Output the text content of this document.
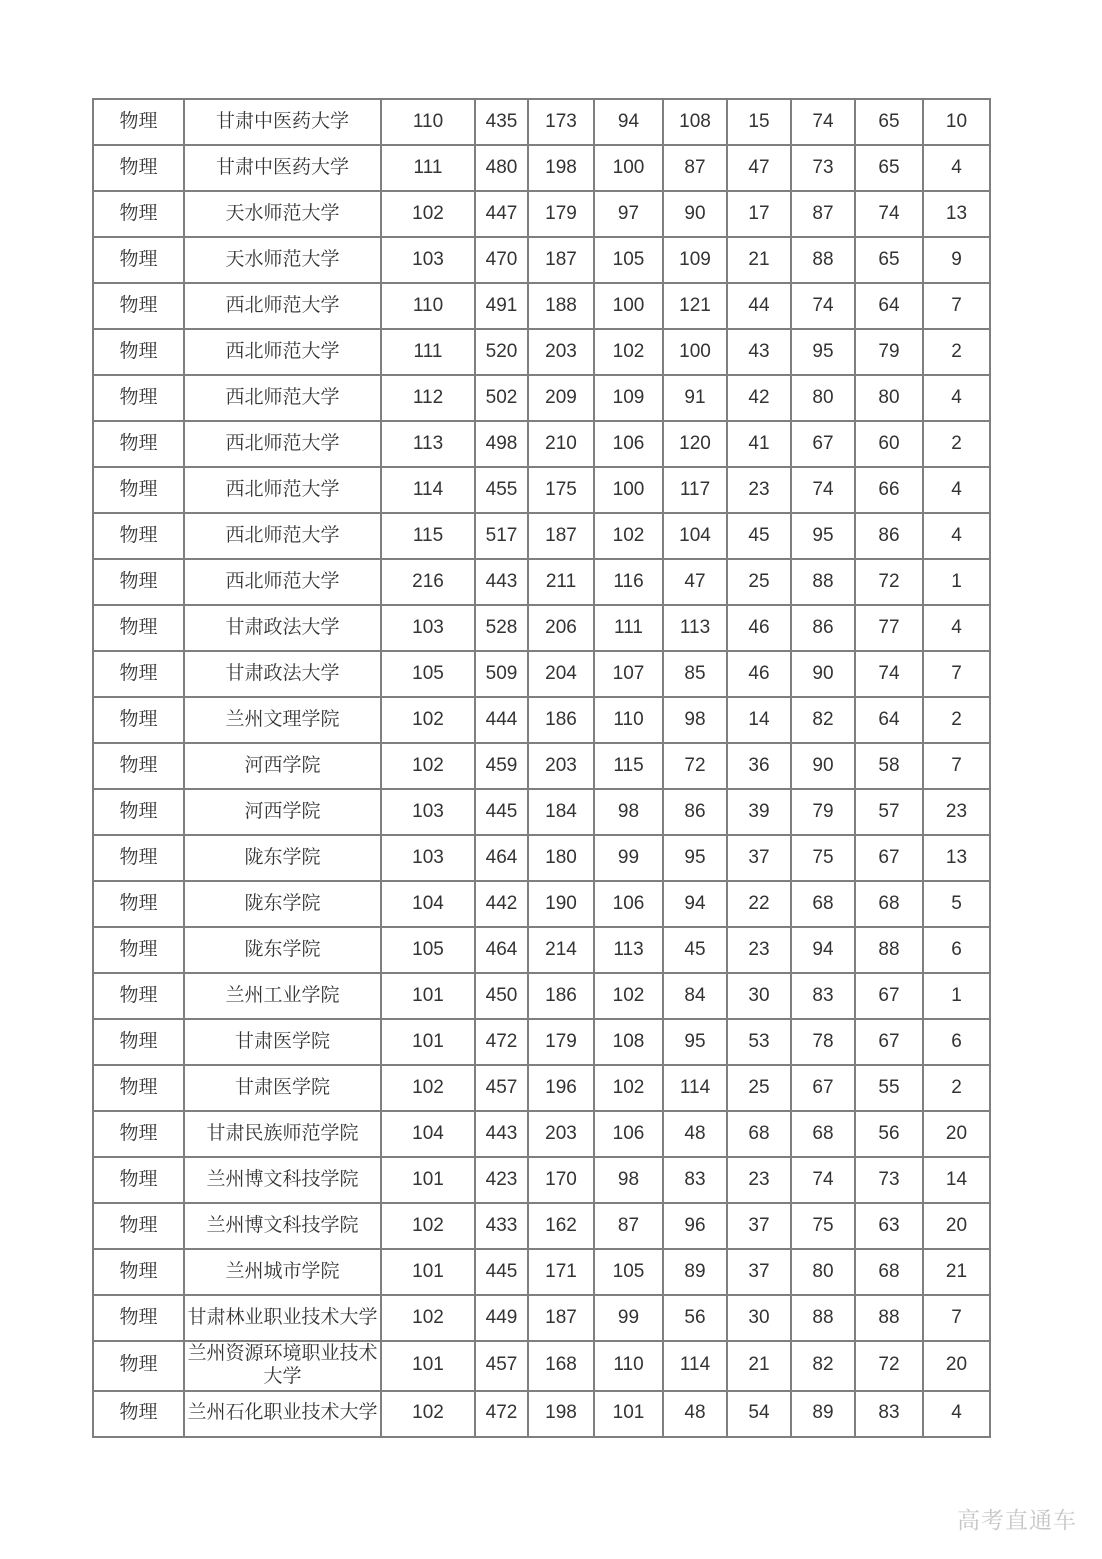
物理	甘肃中医药大学	110	435	173	94	108	15	74	65	10
物理	甘肃中医药大学	111	480	198	100	87	47	73	65	4
物理	天水师范大学	102	447	179	97	90	17	87	74	13
物理	天水师范大学	103	470	187	105	109	21	88	65	9
物理	西北师范大学	110	491	188	100	121	44	74	64	7
物理	西北师范大学	111	520	203	102	100	43	95	79	2
物理	西北师范大学	112	502	209	109	91	42	80	80	4
物理	西北师范大学	113	498	210	106	120	41	67	60	2
物理	西北师范大学	114	455	175	100	117	23	74	66	4
物理	西北师范大学	115	517	187	102	104	45	95	86	4
物理	西北师范大学	216	443	211	116	47	25	88	72	1
物理	甘肃政法大学	103	528	206	111	113	46	86	77	4
物理	甘肃政法大学	105	509	204	107	85	46	90	74	7
物理	兰州文理学院	102	444	186	110	98	14	82	64	2
物理	河西学院	102	459	203	115	72	36	90	58	7
物理	河西学院	103	445	184	98	86	39	79	57	23
物理	陇东学院	103	464	180	99	95	37	75	67	13
物理	陇东学院	104	442	190	106	94	22	68	68	5
物理	陇东学院	105	464	214	113	45	23	94	88	6
物理	兰州工业学院	101	450	186	102	84	30	83	67	1
物理	甘肃医学院	101	472	179	108	95	53	78	67	6
物理	甘肃医学院	102	457	196	102	114	25	67	55	2
物理	甘肃民族师范学院	104	443	203	106	48	68	68	56	20
物理	兰州博文科技学院	101	423	170	98	83	23	74	73	14
物理	兰州博文科技学院	102	433	162	87	96	37	75	63	20
物理	兰州城市学院	101	445	171	105	89	37	80	68	21
物理	甘肃林业职业技术大学	102	449	187	99	56	30	88	88	7
物理	兰州资源环境职业技术大学	101	457	168	110	114	21	82	72	20
物理	兰州石化职业技术大学	102	472	198	101	48	54	89	83	4
高考直通车
